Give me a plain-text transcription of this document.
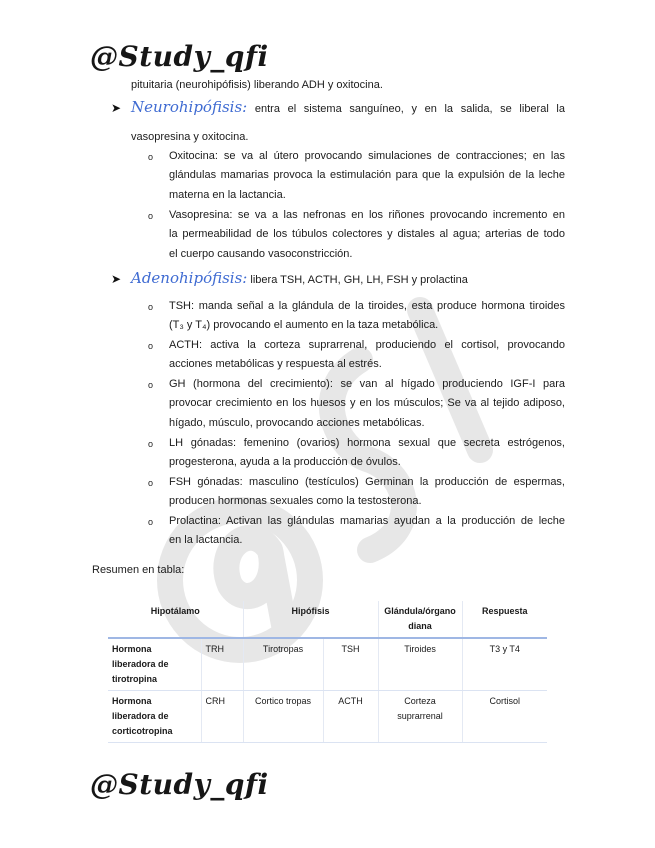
@Study_qfi
pituitaria (neurohipófisis) liberando ADH y oxitocina.
➤ Neurohipófisis: entra el sistema sanguíneo, y en la salida, se liberal la
vasopresina y oxitocina.
o Oxitocina: se va al útero provocando simulaciones de contracciones; en las
glándulas mamarias provoca la estimulación para que la expulsión de la leche
materna en la lactancia.
o Vasopresina: se va a las nefronas en los riñones provocando incremento en
la permeabilidad de los túbulos colectores y distales al agua; arterias de todo
el cuerpo causando vasoconstricción.
➤ Adenohipófisis: libera TSH, ACTH, GH, LH, FSH y prolactina
o TSH: manda señal a la glándula de la tiroides, esta produce hormona tiroides
(T₃ y T₄) provocando el aumento en la taza metabólica.
o ACTH: activa la corteza suprarrenal, produciendo el cortisol, provocando
acciones metabólicas y respuesta al estrés.
o GH (hormona del crecimiento): se van al hígado produciendo IGF-I para
provocar crecimiento en los huesos y en los músculos; Se va al tejido adiposo,
hígado, músculo, provocando acciones metabólicas.
o LH gónadas: femenino (ovarios) hormona sexual que secreta estrógenos,
progesterona, ayuda a la producción de óvulos.
o FSH gónadas: masculino (testículos) Germinan la producción de espermas,
producen hormonas sexuales como la testosterona.
o Prolactina: Activan las glándulas mamarias ayudan a la producción de leche
en la lactancia.
Resumen en tabla:
Hipotálamo		Hipófisis		Glándula/órgano diana	Respuesta
Hormona liberadora de tirotropina	TRH	Tirotropas	TSH	Tiroides	T3 y T4
Hormona liberadora de corticotropina	CRH	Cortico tropas	ACTH	Corteza suprarrenal	Cortisol
@Study_qfi
